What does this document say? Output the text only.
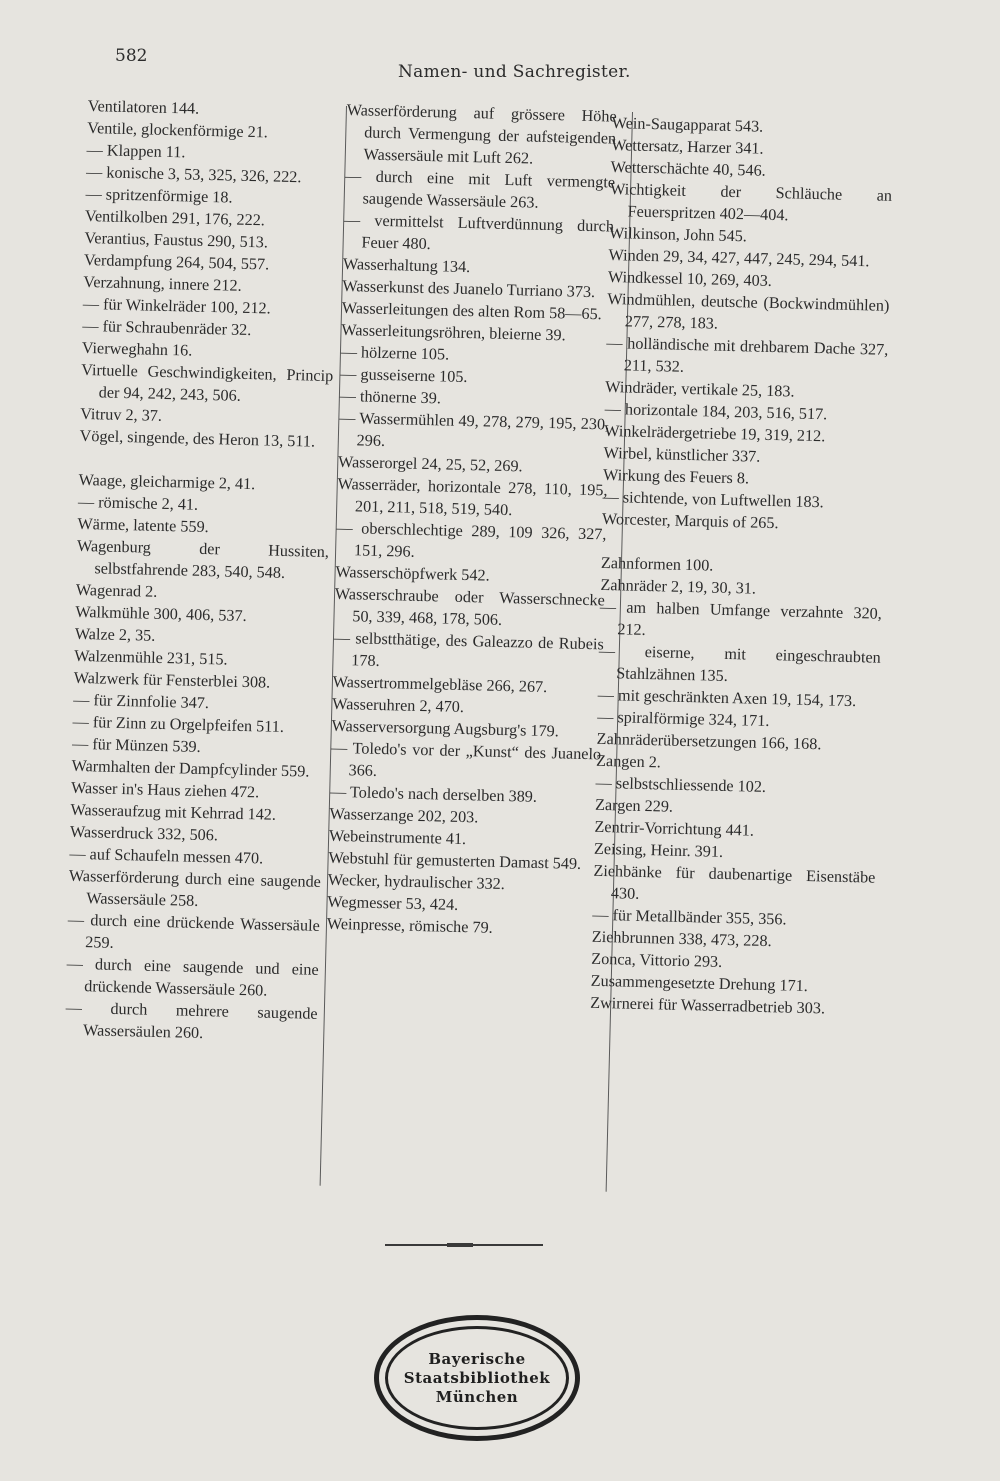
582
Namen- und Sachregister.
Ventilatoren 144.
Ventile, glockenförmige 21.
— Klappen 11.
— konische 3, 53, 325, 326, 222.
— spritzenförmige 18.
Ventilkolben 291, 176, 222.
Verantius, Faustus 290, 513.
Verdampfung 264, 504, 557.
Verzahnung, innere 212.
— für Winkelräder 100, 212.
— für Schraubenräder 32.
Vierweghahn 16.
Virtuelle Geschwindigkeiten, Princip der 94, 242, 243, 506.
Vitruv 2, 37.
Vögel, singende, des Heron 13, 511.
Waage, gleicharmige 2, 41.
— römische 2, 41.
Wärme, latente 559.
Wagenburg der Hussiten, selbstfahrende 283, 540, 548.
Wagenrad 2.
Walkmühle 300, 406, 537.
Walze 2, 35.
Walzenmühle 231, 515.
Walzwerk für Fensterblei 308.
— für Zinnfolie 347.
— für Zinn zu Orgelpfeifen 511.
— für Münzen 539.
Warmhalten der Dampfcylinder 559.
Wasser in's Haus ziehen 472.
Wasseraufzug mit Kehrrad 142.
Wasserdruck 332, 506.
— auf Schaufeln messen 470.
Wasserförderung durch eine saugende Wassersäule 258.
— durch eine drückende Wassersäule 259.
— durch eine saugende und eine drückende Wassersäule 260.
— durch mehrere saugende Wassersäulen 260.
Wasserförderung auf grössere Höhe durch Vermengung der aufsteigenden Wassersäule mit Luft 262.
— durch eine mit Luft vermengte saugende Wassersäule 263.
— vermittelst Luftverdünnung durch Feuer 480.
Wasserhaltung 134.
Wasserkunst des Juanelo Turriano 373.
Wasserleitungen des alten Rom 58—65.
Wasserleitungsröhren, bleierne 39.
— hölzerne 105.
— gusseiserne 105.
— thönerne 39.
— Wassermühlen 49, 278, 279, 195, 230, 296.
Wasserorgel 24, 25, 52, 269.
Wasserräder, horizontale 278, 110, 195, 201, 211, 518, 519, 540.
— oberschlechtige 289, 109 326, 327, 151, 296.
Wasserschöpfwerk 542.
Wasserschraube oder Wasserschnecke 50, 339, 468, 178, 506.
— selbstthätige, des Galeazzo de Rubeis 178.
Wassertrommelgebläse 266, 267.
Wasseruhren 2, 470.
Wasserversorgung Augsburg's 179.
— Toledo's vor der „Kunst“ des Juanelo 366.
— Toledo's nach derselben 389.
Wasserzange 202, 203.
Webeinstrumente 41.
Webstuhl für gemusterten Damast 549.
Wecker, hydraulischer 332.
Wegmesser 53, 424.
Weinpresse, römische 79.
Wein-Saugapparat 543.
Wettersatz, Harzer 341.
Wetterschächte 40, 546.
Wichtigkeit der Schläuche an Feuerspritzen 402—404.
Wilkinson, John 545.
Winden 29, 34, 427, 447, 245, 294, 541.
Windkessel 10, 269, 403.
Windmühlen, deutsche (Bockwindmühlen) 277, 278, 183.
— holländische mit drehbarem Dache 327, 211, 532.
Windräder, vertikale 25, 183.
— horizontale 184, 203, 516, 517.
Winkelrädergetriebe 19, 319, 212.
Wirbel, künstlicher 337.
Wirkung des Feuers 8.
— sichtende, von Luftwellen 183.
Worcester, Marquis of 265.
Zahnformen 100.
Zahnräder 2, 19, 30, 31.
— am halben Umfange verzahnte 320, 212.
— eiserne, mit eingeschraubten Stahlzähnen 135.
— mit geschränkten Axen 19, 154, 173.
— spiralförmige 324, 171.
Zahnräderübersetzungen 166, 168.
Zangen 2.
— selbstschliessende 102.
Zargen 229.
Zentrir-Vorrichtung 441.
Zeising, Heinr. 391.
Ziehbänke für daubenartige Eisenstäbe 430.
— für Metallbänder 355, 356.
Ziehbrunnen 338, 473, 228.
Zonca, Vittorio 293.
Zusammengesetzte Drehung 171.
Zwirnerei für Wasserradbetrieb 303.
Bayerische
Staatsbibliothek
München
